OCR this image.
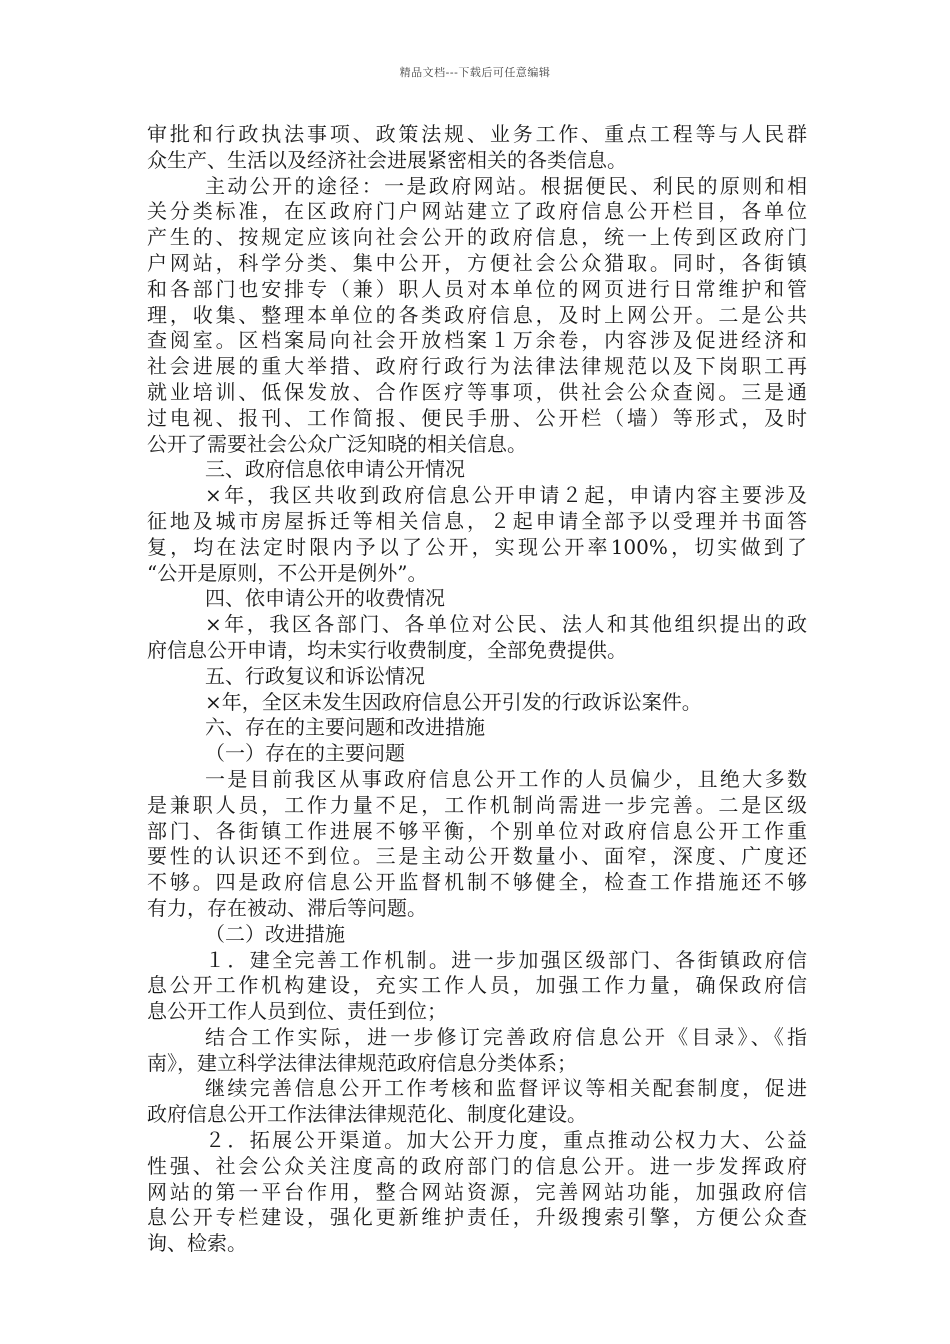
精品文档---下载后可任意编辑
审批和行政执法事项、政策法规、业务工作、重点工程等与人民群
众生产、生活以及经济社会进展紧密相关的各类信息。
主动公开的途径：一是政府网站。根据便民、利民的原则和相
关分类标准，在区政府门户网站建立了政府信息公开栏目，各单位
产生的、按规定应该向社会公开的政府信息，统一上传到区政府门
户网站，科学分类、集中公开，方便社会公众猎取。同时，各街镇
和各部门也安排专（兼）职人员对本单位的网页进行日常维护和管
理，收集、整理本单位的各类政府信息，及时上网公开。二是公共
查阅室。区档案局向社会开放档案１万余卷，内容涉及促进经济和
社会进展的重大举措、政府行政行为法律法律规范以及下岗职工再
就业培训、低保发放、合作医疗等事项，供社会公众查阅。三是通
过电视、报刊、工作简报、便民手册、公开栏（墙）等形式，及时
公开了需要社会公众广泛知晓的相关信息。
三、政府信息依申请公开情况
×年，我区共收到政府信息公开申请２起，申请内容主要涉及
征地及城市房屋拆迁等相关信息，２起申请全部予以受理并书面答
复，均在法定时限内予以了公开，实现公开率100%，切实做到了
“公开是原则，不公开是例外”。
四、依申请公开的收费情况
×年，我区各部门、各单位对公民、法人和其他组织提出的政
府信息公开申请，均未实行收费制度，全部免费提供。
五、行政复议和诉讼情况
×年，全区未发生因政府信息公开引发的行政诉讼案件。
六、存在的主要问题和改进措施
（一）存在的主要问题
一是目前我区从事政府信息公开工作的人员偏少，且绝大多数
是兼职人员，工作力量不足，工作机制尚需进一步完善。二是区级
部门、各街镇工作进展不够平衡，个别单位对政府信息公开工作重
要性的认识还不到位。三是主动公开数量小、面窄，深度、广度还
不够。四是政府信息公开监督机制不够健全，检查工作措施还不够
有力，存在被动、滞后等问题。
（二）改进措施
１．建全完善工作机制。进一步加强区级部门、各街镇政府信
息公开工作机构建设，充实工作人员，加强工作力量，确保政府信
息公开工作人员到位、责任到位；
结合工作实际，进一步修订完善政府信息公开《目录》、《指
南》，建立科学法律法律规范政府信息分类体系；
继续完善信息公开工作考核和监督评议等相关配套制度，促进
政府信息公开工作法律法律规范化、制度化建设。
２．拓展公开渠道。加大公开力度，重点推动公权力大、公益
性强、社会公众关注度高的政府部门的信息公开。进一步发挥政府
网站的第一平台作用，整合网站资源，完善网站功能，加强政府信
息公开专栏建设，强化更新维护责任，升级搜索引擎，方便公众查
询、检索。
